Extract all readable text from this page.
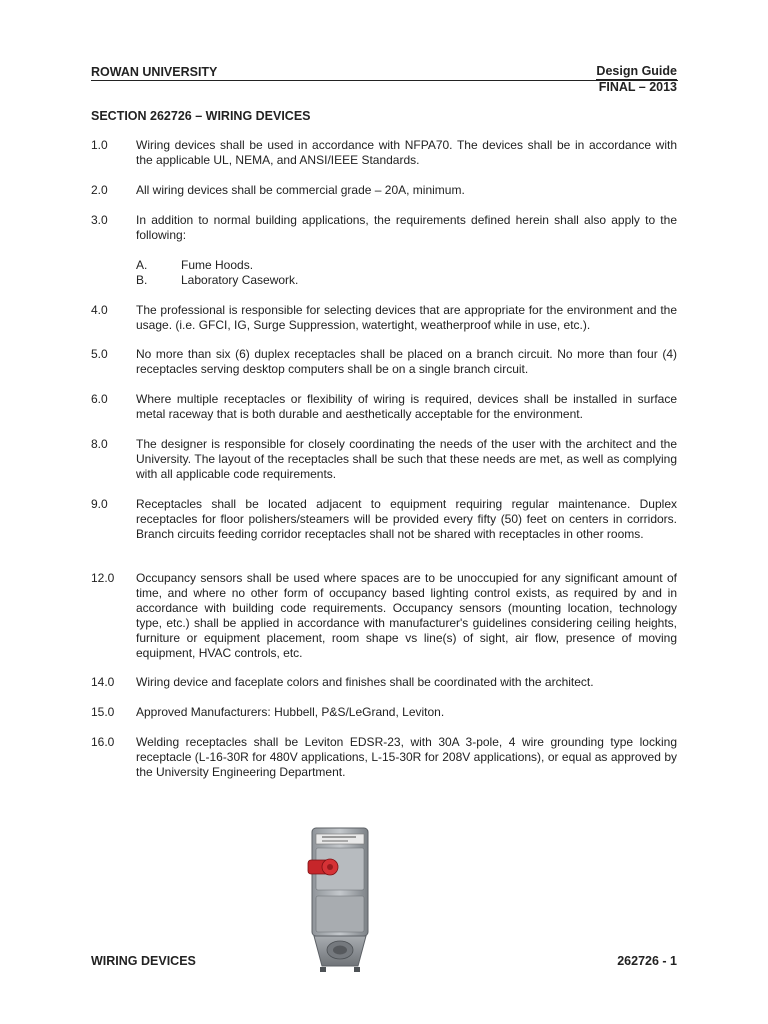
ROWAN UNIVERSITY	Design Guide
FINAL – 2013
SECTION 262726 – WIRING DEVICES
1.0 Wiring devices shall be used in accordance with NFPA70. The devices shall be in accordance with the applicable UL, NEMA, and ANSI/IEEE Standards.
2.0 All wiring devices shall be commercial grade – 20A, minimum.
3.0 In addition to normal building applications, the requirements defined herein shall also apply to the following:
A.	Fume Hoods.
B.	Laboratory Casework.
4.0 The professional is responsible for selecting devices that are appropriate for the environment and the usage. (i.e. GFCI, IG, Surge Suppression, watertight, weatherproof while in use, etc.).
5.0 No more than six (6) duplex receptacles shall be placed on a branch circuit. No more than four (4) receptacles serving desktop computers shall be on a single branch circuit.
6.0 Where multiple receptacles or flexibility of wiring is required, devices shall be installed in surface metal raceway that is both durable and aesthetically acceptable for the environment.
8.0 The designer is responsible for closely coordinating the needs of the user with the architect and the University. The layout of the receptacles shall be such that these needs are met, as well as complying with all applicable code requirements.
9.0 Receptacles shall be located adjacent to equipment requiring regular maintenance. Duplex receptacles for floor polishers/steamers will be provided every fifty (50) feet on centers in corridors. Branch circuits feeding corridor receptacles shall not be shared with receptacles in other rooms.
12.0 Occupancy sensors shall be used where spaces are to be unoccupied for any significant amount of time, and where no other form of occupancy based lighting control exists, as required by and in accordance with building code requirements. Occupancy sensors (mounting location, technology type, etc.) shall be applied in accordance with manufacturer's guidelines considering ceiling heights, furniture or equipment placement, room shape vs line(s) of sight, air flow, presence of moving equipment, HVAC controls, etc.
14.0 Wiring device and faceplate colors and finishes shall be coordinated with the architect.
15.0 Approved Manufacturers: Hubbell, P&S/LeGrand, Leviton.
16.0 Welding receptacles shall be Leviton EDSR-23, with 30A 3-pole, 4 wire grounding type locking receptacle (L-16-30R for 480V applications, L-15-30R for 208V applications), or equal as approved by the University Engineering Department.
WIRING DEVICES	262726 - 1
